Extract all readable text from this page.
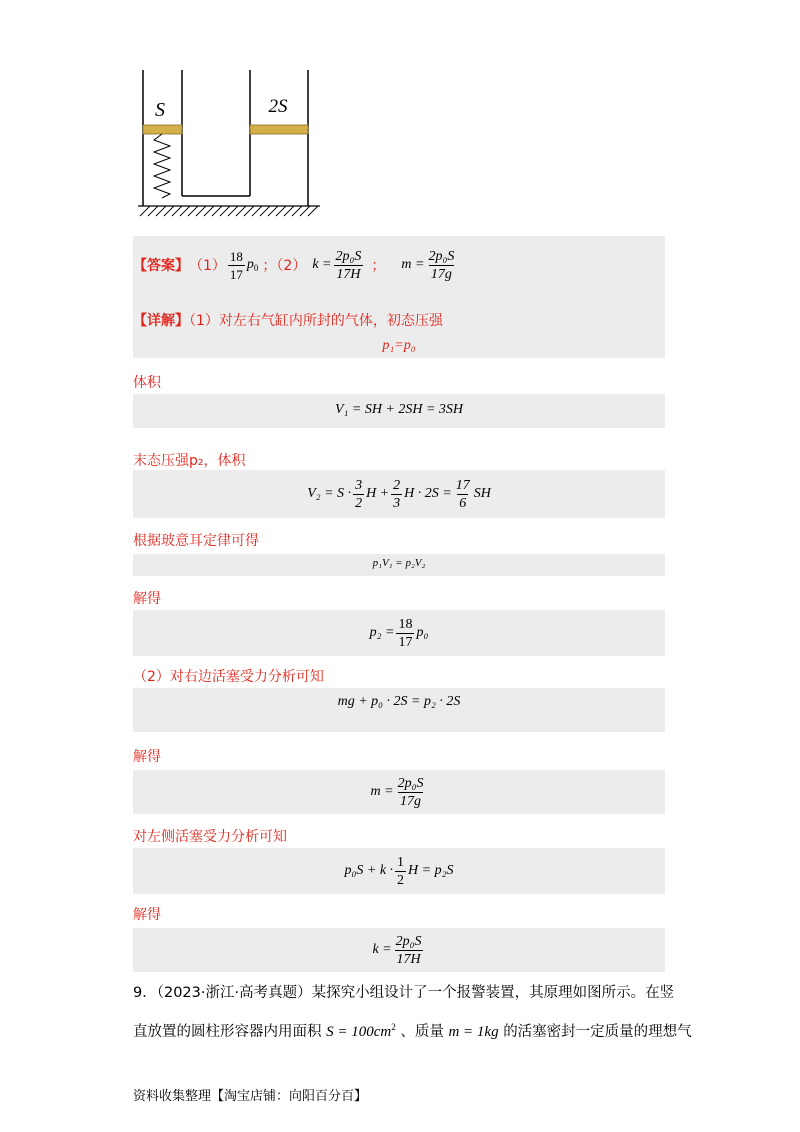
S	2S
【答案】 $(1) \frac{18}{17} p_0$ ；（2） $k = \frac{\text{2p₀S}}{17H}$ ； $m = \frac{\text{2p₀S}}{17g}$
【详解】（1）对左右气缸内所封的气体，初态压强
p₁=p₀
体积
V₁ = SH + 2SH = 3SH
末态压强p₂，体积
$V_2 = S \cdot \frac{3}{2}$ $H + \frac{2}{3}$ $H \cdot 2S = \frac{17}{6}$ SH
根据玻意耳定律可得
p₁V₁ = p₂V₂
解得
$p_2 = \frac{18}{17} p_0$
（2）对右边活塞受力分析可知
mg + p₀ · 2S = p₂ · 2S
解得
$m = \frac{\text{2p₀S}}{17g}$
对左侧活塞受力分析可知
$p_0S + k \cdot \frac{1}{2}$ H = p₂S
解得
$k = \frac{\text{2p₀S}}{17H}$
9．（2023·浙江·高考真题）某探究小组设计了一个报警装置，其原理如图所示。在竖
直放置的圆柱形容器内用面积 $S = 100cm^2$ 、质量 m = 1kg 的活塞密封一定质量的理想气
资料收集整理【淘宝店铺：向阳百分百】
